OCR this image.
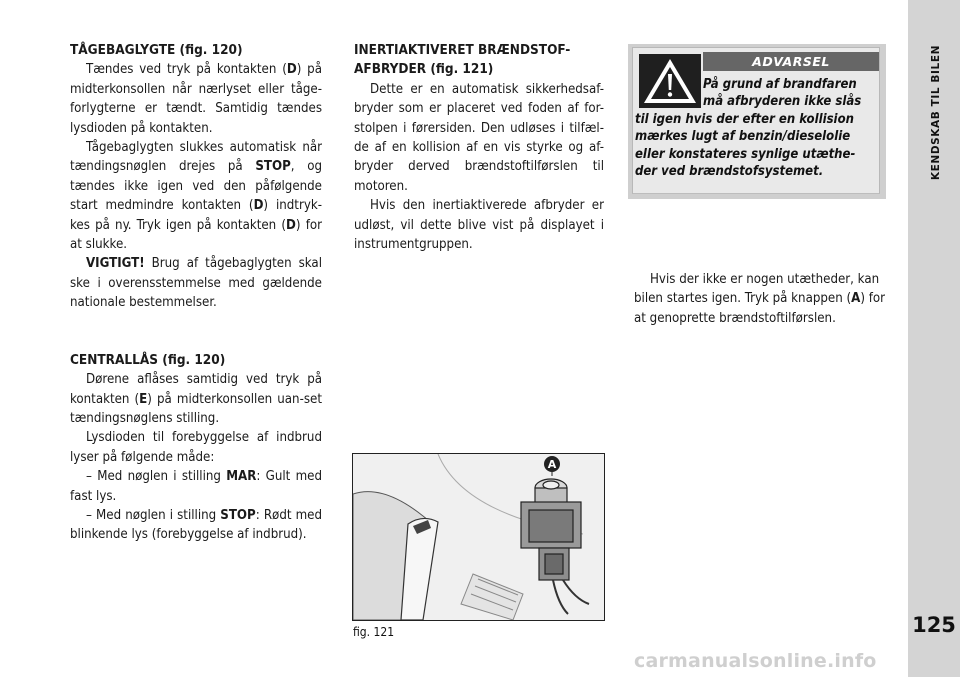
KENDSKAB TIL BILEN
125

TÅGEBAGLYGTE (fig. 120)

Tændes ved tryk på kontakten (D) på midterkonsollen når nærlyset eller tåge-forlygterne er tændt. Samtidig tændes lysdioden på kontakten.

Tågebaglygten slukkes automatisk når tændingsnøglen drejes på STOP, og tændes ikke igen ved den påfølgende start medmindre kontakten (D) indtryk-kes på ny. Tryk igen på kontakten (D) for at slukke.

VIGTIGT! Brug af tågebaglygten skal ske i overensstemmelse med gældende nationale bestemmelser.

CENTRALLÅS (fig. 120)

Dørene aflåses samtidig ved tryk på kontakten (E) på midterkonsollen uan-set tændingsnøglens stilling.

Lysdioden til forebyggelse af indbrud lyser på følgende måde:

– Med nøglen i stilling MAR: Gult med fast lys.

– Med nøglen i stilling STOP: Rødt med blinkende lys (forebyggelse af indbrud).

INERTIAKTIVERET BRÆNDSTOF-
AFBRYDER (fig. 121)

Dette er en automatisk sikkerhedsaf-bryder som er placeret ved foden af for-stolpen i førersiden. Den udløses i tilfæl-de af en kollision af en vis styrke og af-bryder derved brændstoftilførslen til motoren.

Hvis den inertiaktiverede afbryder er udløst, vil dette blive vist på displayet i instrumentgruppen.

ADVARSEL
På grund af brandfaren
må afbryderen ikke slås
til igen hvis der efter en kollision mærkes lugt af benzin/dieselolie eller konstateres synlige utæthe-der ved brændstofsystemet.

Hvis der ikke er nogen utætheder, kan bilen startes igen. Tryk på knappen (A) for at genoprette brændstoftilførslen.

A
fig. 121
carmanualsonline.info
